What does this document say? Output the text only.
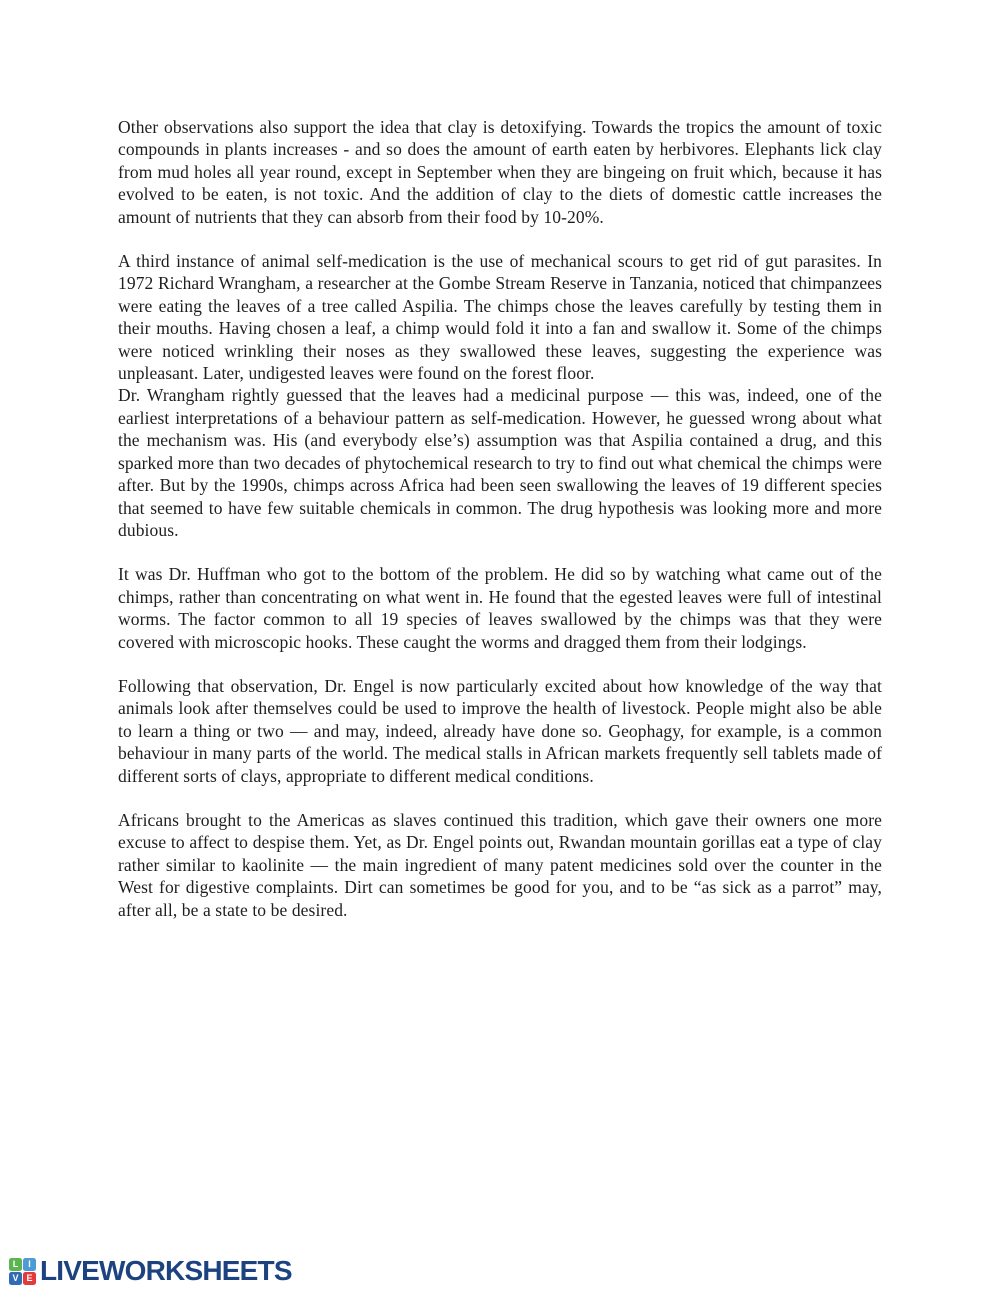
Other observations also support the idea that clay is detoxifying. Towards the tropics the amount of toxic compounds in plants increases - and so does the amount of earth eaten by herbivores. Elephants lick clay from mud holes all year round, except in September when they are bingeing on fruit which, because it has evolved to be eaten, is not toxic. And the addition of clay to the diets of domestic cattle increases the amount of nutrients that they can absorb from their food by 10-20%.

A third instance of animal self-medication is the use of mechanical scours to get rid of gut parasites. In 1972 Richard Wrangham, a researcher at the Gombe Stream Reserve in Tanzania, noticed that chimpanzees were eating the leaves of a tree called Aspilia. The chimps chose the leaves carefully by testing them in their mouths. Having chosen a leaf, a chimp would fold it into a fan and swallow it. Some of the chimps were noticed wrinkling their noses as they swallowed these leaves, suggesting the experience was unpleasant. Later, undigested leaves were found on the forest floor.

Dr. Wrangham rightly guessed that the leaves had a medicinal purpose — this was, indeed, one of the earliest interpretations of a behaviour pattern as self-medication. However, he guessed wrong about what the mechanism was. His (and everybody else’s) assumption was that Aspilia contained a drug, and this sparked more than two decades of phytochemical research to try to find out what chemical the chimps were after. But by the 1990s, chimps across Africa had been seen swallowing the leaves of 19 different species that seemed to have few suitable chemicals in common. The drug hypothesis was looking more and more dubious.

It was Dr. Huffman who got to the bottom of the problem. He did so by watching what came out of the chimps, rather than concentrating on what went in. He found that the egested leaves were full of intestinal worms. The factor common to all 19 species of leaves swallowed by the chimps was that they were covered with microscopic hooks. These caught the worms and dragged them from their lodgings.

Following that observation, Dr. Engel is now particularly excited about how knowledge of the way that animals look after themselves could be used to improve the health of livestock. People might also be able to learn a thing or two — and may, indeed, already have done so. Geophagy, for example, is a common behaviour in many parts of the world. The medical stalls in African markets frequently sell tablets made of different sorts of clays, appropriate to different medical conditions.

Africans brought to the Americas as slaves continued this tradition, which gave their owners one more excuse to affect to despise them. Yet, as Dr. Engel points out, Rwandan mountain gorillas eat a type of clay rather similar to kaolinite — the main ingredient of many patent medicines sold over the counter in the West for digestive complaints. Dirt can sometimes be good for you, and to be “as sick as a parrot” may, after all, be a state to be desired.

L	I
V E LIVEWORKSHEETS
